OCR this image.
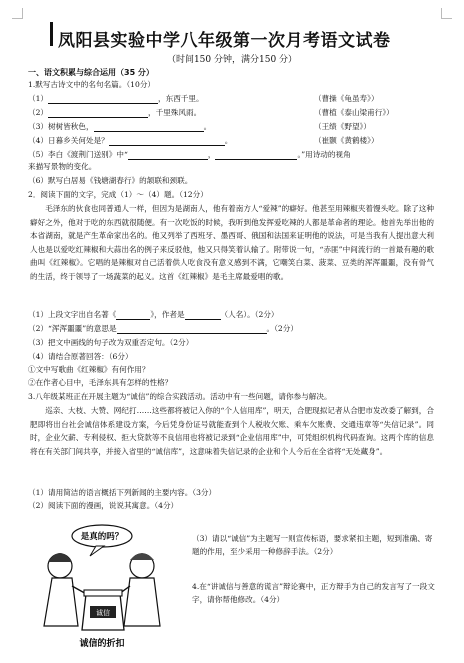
凤阳县实验中学八年级第一次月考语文试卷
（时间150 分钟，满分150 分）
一、语文积累与综合运用（35 分）
1.默写古诗文中的名句名篇。（10分）
（1）	，东西千里。	（曹操《龟虽寿》）
（2）	，千里殊风雨。	（曹植《泰山梁甫行》）
（3）树树皆秋色，	。	（王绩《野望》）
（4）日暮乡关何处是？	。	（崔颢《黄鹤楼》）
（5）李白《渡荆门送别》中“	，	。”用诗动的视角
来描写景物的变化。
（6）默写白居易《钱塘湖春行》的颔联和颈联。
2．阅读下面的文字，完成（1）～（4）题。（12分）
毛泽东的伙食也同普通人一样，但因为是湖南人，他有着南方人“爱辣”的癖好。他甚至用辣椒夹着馒头吃。除了这种癖好之外，他对于吃的东西就很随便。有一次吃饭的时候，我听到他发挥爱吃辣的人都是革命者的理论。他首先举出他的本省湖南，就是产生革命家出名的。他又列举了西班牙、墨西哥、俄国和法国来证明他的说法，可是当我有人提出意大利人也是以爱吃红辣椒和大蒜出名的例子来反驳他，他又只得笑着认输了。附带说一句，“赤匪”中间流行的一首最有趣的歌曲叫《红辣椒》。它唱的是辣椒对自己活着供人吃食没有意义感到不满，它嘲笑白菜、菠菜、豆类的浑浑噩噩，没有骨气的生活，终于领导了一场蔬菜的起义。这首《红辣椒》是毛主席最爱唱的歌。
（1）上段文字出自名著《	》，作者是	（人名）。（2分）
（2）“浑浑噩噩”的意思是	。（2分）
（3）把文中画线的句子改为双重否定句。（2分）
（4）请结合原著回答：（6分）
①文中写歌曲《红辣椒》有何作用？
②在作者心目中，毛泽东具有怎样的性格？
3.八年级某班正在开展主题为“诚信”的综合实践活动。活动中有一些问题，请你参与解决。
巡亲、大枝、大赞、网纪打……这些都将被记入你的“个人信用库”，明天，合肥现拟记者从合肥市发改委了解到，合肥即将出台社会诚信体系建设方案，今后凭身份证号就能查到个人税收欠账、乘车欠账费、交通违章等“失信记录”。同时，企业欠薪、专利侵权、拒大贷款等不良信用也将被记录到“企业信用库”中，可凭组织机构代码查询。这两个库的信息将在有关部门间共享，并接入省里的“诚信库”，这意味着失信记录的企业和个人今后在全省将“无处藏身”。
（1）请用简洁的语言概括下列新闻的主要内容。（3分）
（2）阅读下面的漫画，说说其寓意。（4分）
是真的吗？
诚信
诚信的折扣
（3）请以“诚信”为主题写一则宣传标语，要求紧扣主题，短到准确、寄题的作用，至少采用一种修辞手法。（2分）
4.在“讲诚信与善意的谎言”辩论赛中，正方辩手为自己的发言写了一段文字，请你帮他修改。（4分）
